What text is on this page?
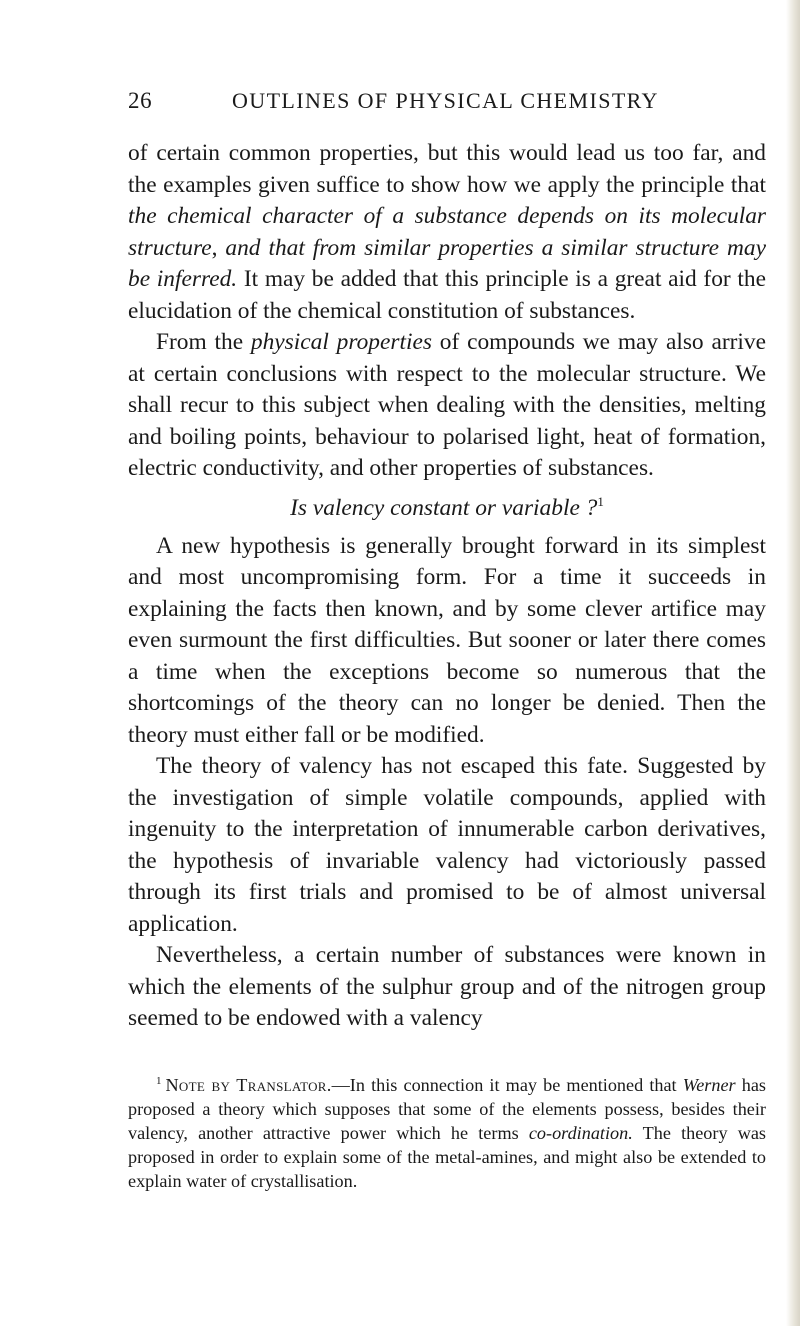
26	OUTLINES OF PHYSICAL CHEMISTRY

of certain common properties, but this would lead us too far, and the examples given suffice to show how we apply the principle that the chemical character of a substance depends on its molecular structure, and that from similar properties a similar structure may be inferred. It may be added that this principle is a great aid for the elucidation of the chemical constitution of substances.

From the physical properties of compounds we may also arrive at certain conclusions with respect to the molecular structure. We shall recur to this subject when dealing with the densities, melting and boiling points, behaviour to polarised light, heat of formation, electric conductivity, and other properties of substances.

Is valency constant or variable ?$^1$

A new hypothesis is generally brought forward in its simplest and most uncompromising form. For a time it succeeds in explaining the facts then known, and by some clever artifice may even surmount the first difficulties. But sooner or later there comes a time when the exceptions become so numerous that the shortcomings of the theory can no longer be denied. Then the theory must either fall or be modified.

The theory of valency has not escaped this fate. Suggested by the investigation of simple volatile compounds, applied with ingenuity to the interpretation of innumerable carbon derivatives, the hypothesis of invariable valency had victoriously passed through its first trials and promised to be of almost universal application.

Nevertheless, a certain number of substances were known in which the elements of the sulphur group and of the nitrogen group seemed to be endowed with a valency

$^1$ Note by Translator.—In this connection it may be mentioned that Werner has proposed a theory which supposes that some of the elements possess, besides their valency, another attractive power which he terms co-ordination. The theory was proposed in order to explain some of the metal-amines, and might also be extended to explain water of crystallisation.
